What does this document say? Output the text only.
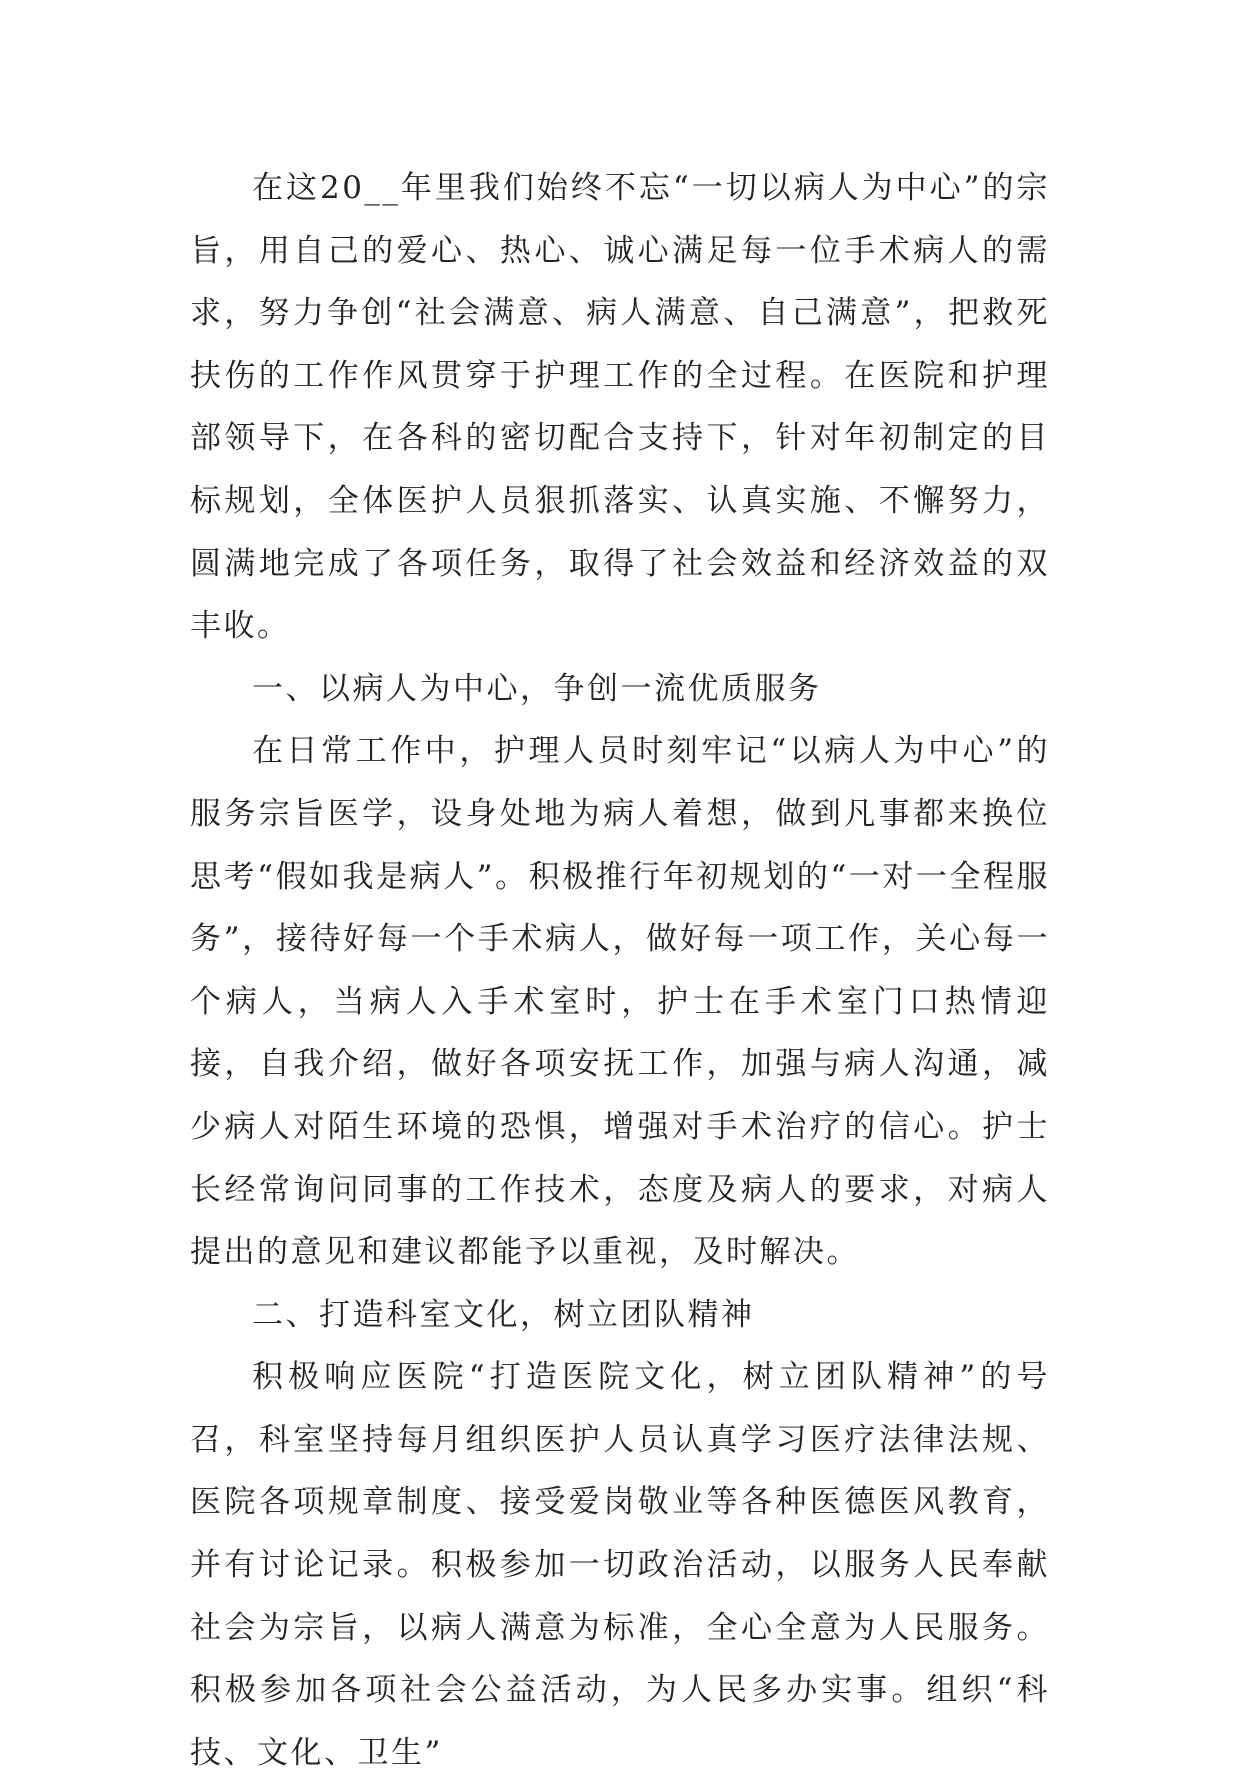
在这20__年里我们始终不忘“一切以病人为中心”的宗旨，用自己的爱心、热心、诚心满足每一位手术病人的需求，努力争创“社会满意、病人满意、自己满意”，把救死扶伤的工作作风贯穿于护理工作的全过程。在医院和护理部领导下，在各科的密切配合支持下，针对年初制定的目标规划，全体医护人员狠抓落实、认真实施、不懈努力，圆满地完成了各项任务，取得了社会效益和经济效益的双丰收。

一、以病人为中心，争创一流优质服务

在日常工作中，护理人员时刻牢记“以病人为中心”的服务宗旨医学，设身处地为病人着想，做到凡事都来换位思考“假如我是病人”。积极推行年初规划的“一对一全程服务”，接待好每一个手术病人，做好每一项工作，关心每一个病人，当病人入手术室时，护士在手术室门口热情迎接，自我介绍，做好各项安抚工作，加强与病人沟通，减少病人对陌生环境的恐惧，增强对手术治疗的信心。护士长经常询问同事的工作技术，态度及病人的要求，对病人提出的意见和建议都能予以重视，及时解决。

二、打造科室文化，树立团队精神

积极响应医院“打造医院文化，树立团队精神”的号召，科室坚持每月组织医护人员认真学习医疗法律法规、医院各项规章制度、接受爱岗敬业等各种医德医风教育，并有讨论记录。积极参加一切政治活动，以服务人民奉献社会为宗旨，以病人满意为标准，全心全意为人民服务。积极参加各项社会公益活动，为人民多办实事。组织“科技、文化、卫生”
